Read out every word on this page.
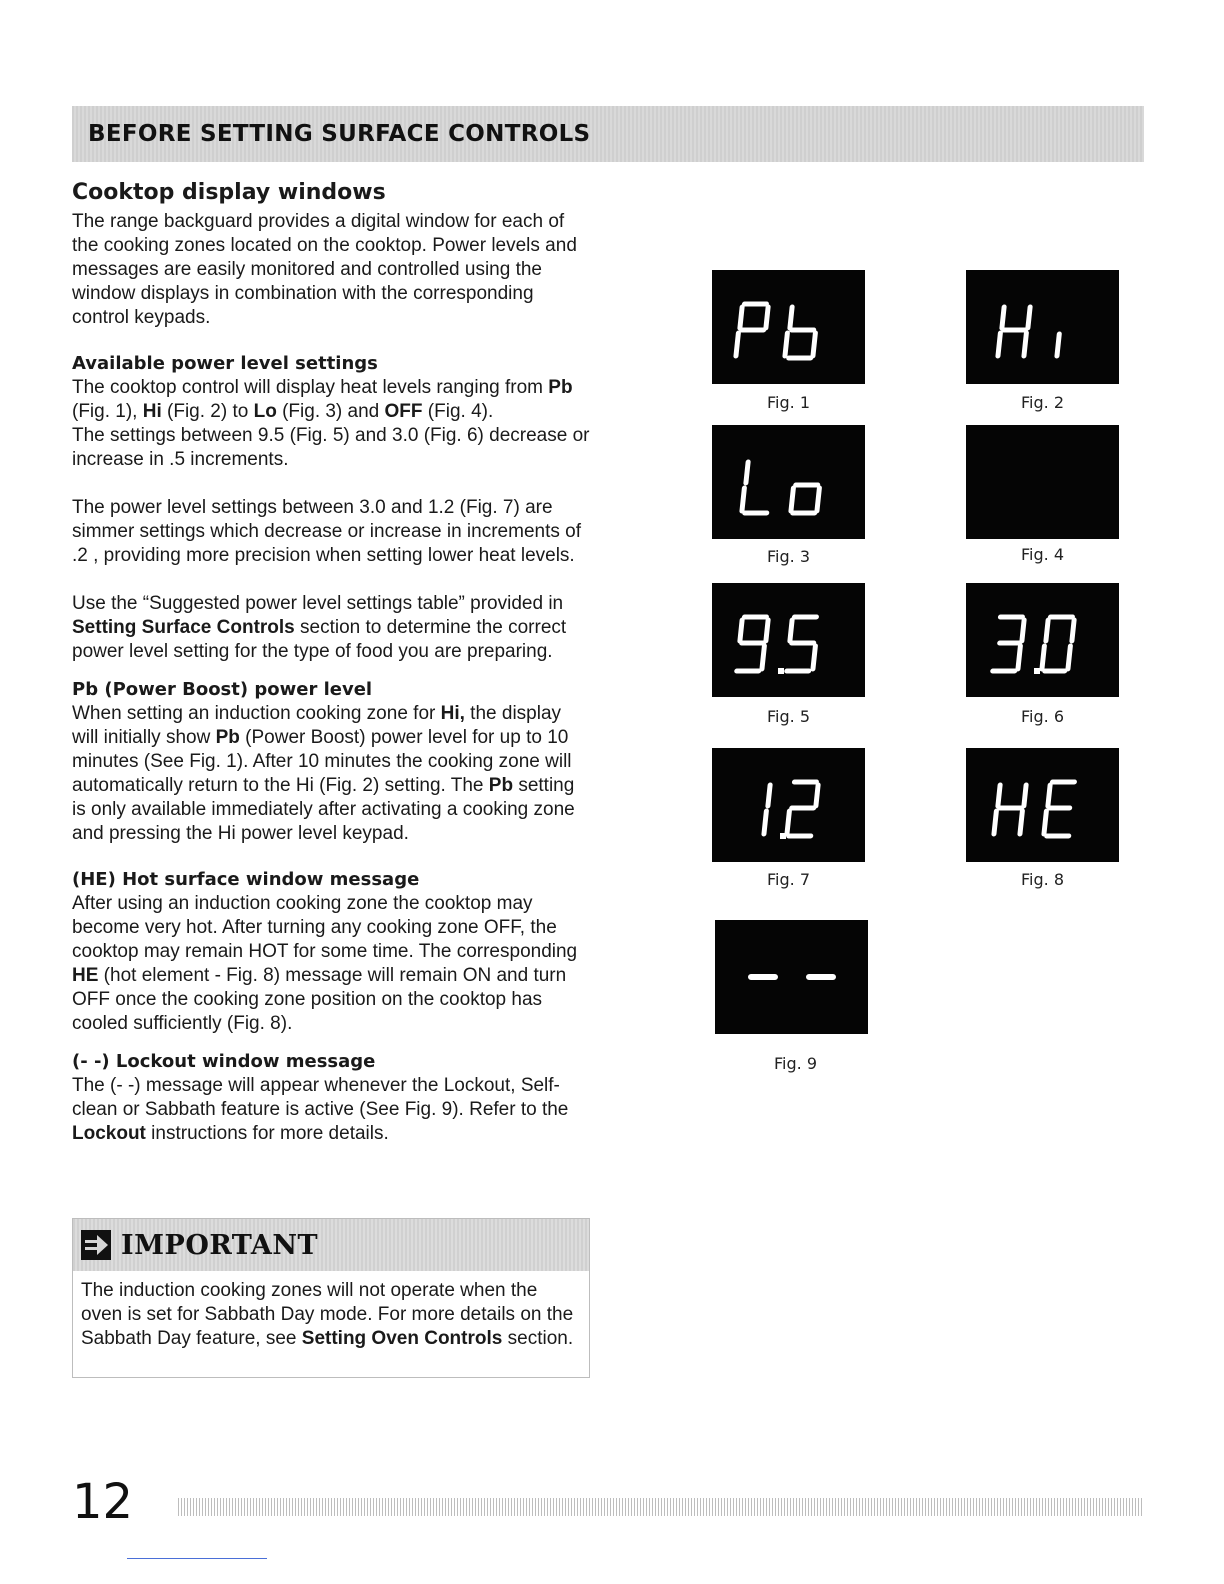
BEFORE SETTING SURFACE CONTROLS
Cooktop display windows

The range backguard provides a digital window for each of the cooking zones located on the cooktop. Power levels and messages are easily monitored and controlled using the window displays in combination with the corresponding control keypads.

Available power level settings

The cooktop control will display heat levels ranging from Pb (Fig. 1), Hi (Fig. 2) to Lo (Fig. 3) and OFF (Fig. 4).

The settings between 9.5 (Fig. 5) and 3.0 (Fig. 6) decrease or increase in .5 increments.

The power level settings between 3.0 and 1.2 (Fig. 7) are simmer settings which decrease or increase in increments of .2 , providing more precision when setting lower heat levels.

Use the “Suggested power level settings table” provided in Setting Surface Controls section to determine the correct power level setting for the type of food you are preparing.

Pb (Power Boost) power level

When setting an induction cooking zone for Hi, the display will initially show Pb (Power Boost) power level for up to 10 minutes (See Fig. 1). After 10 minutes the cooking zone will automatically return to the Hi (Fig. 2) setting. The Pb setting is only available immediately after activating a cooking zone and pressing the Hi power level keypad.

(HE) Hot surface window message

After using an induction cooking zone the cooktop may become very hot. After turning any cooking zone OFF, the cooktop may remain HOT for some time. The corresponding HE (hot element - Fig. 8) message will remain ON and turn OFF once the cooking zone position on the cooktop has cooled sufficiently (Fig. 8).

(- -) Lockout window message

The (- -) message will appear whenever the Lockout, Self-clean or Sabbath feature is active (See Fig. 9). Refer to the Lockout instructions for more details.

IMPORTANT
The induction cooking zones will not operate when the oven is set for Sabbath Day mode. For more details on the Sabbath Day feature, see Setting Oven Controls section.
Fig. 1	Fig. 2
Fig. 3	Fig. 4
Fig. 5	Fig. 6
Fig. 7	Fig. 8
Fig. 9
12
